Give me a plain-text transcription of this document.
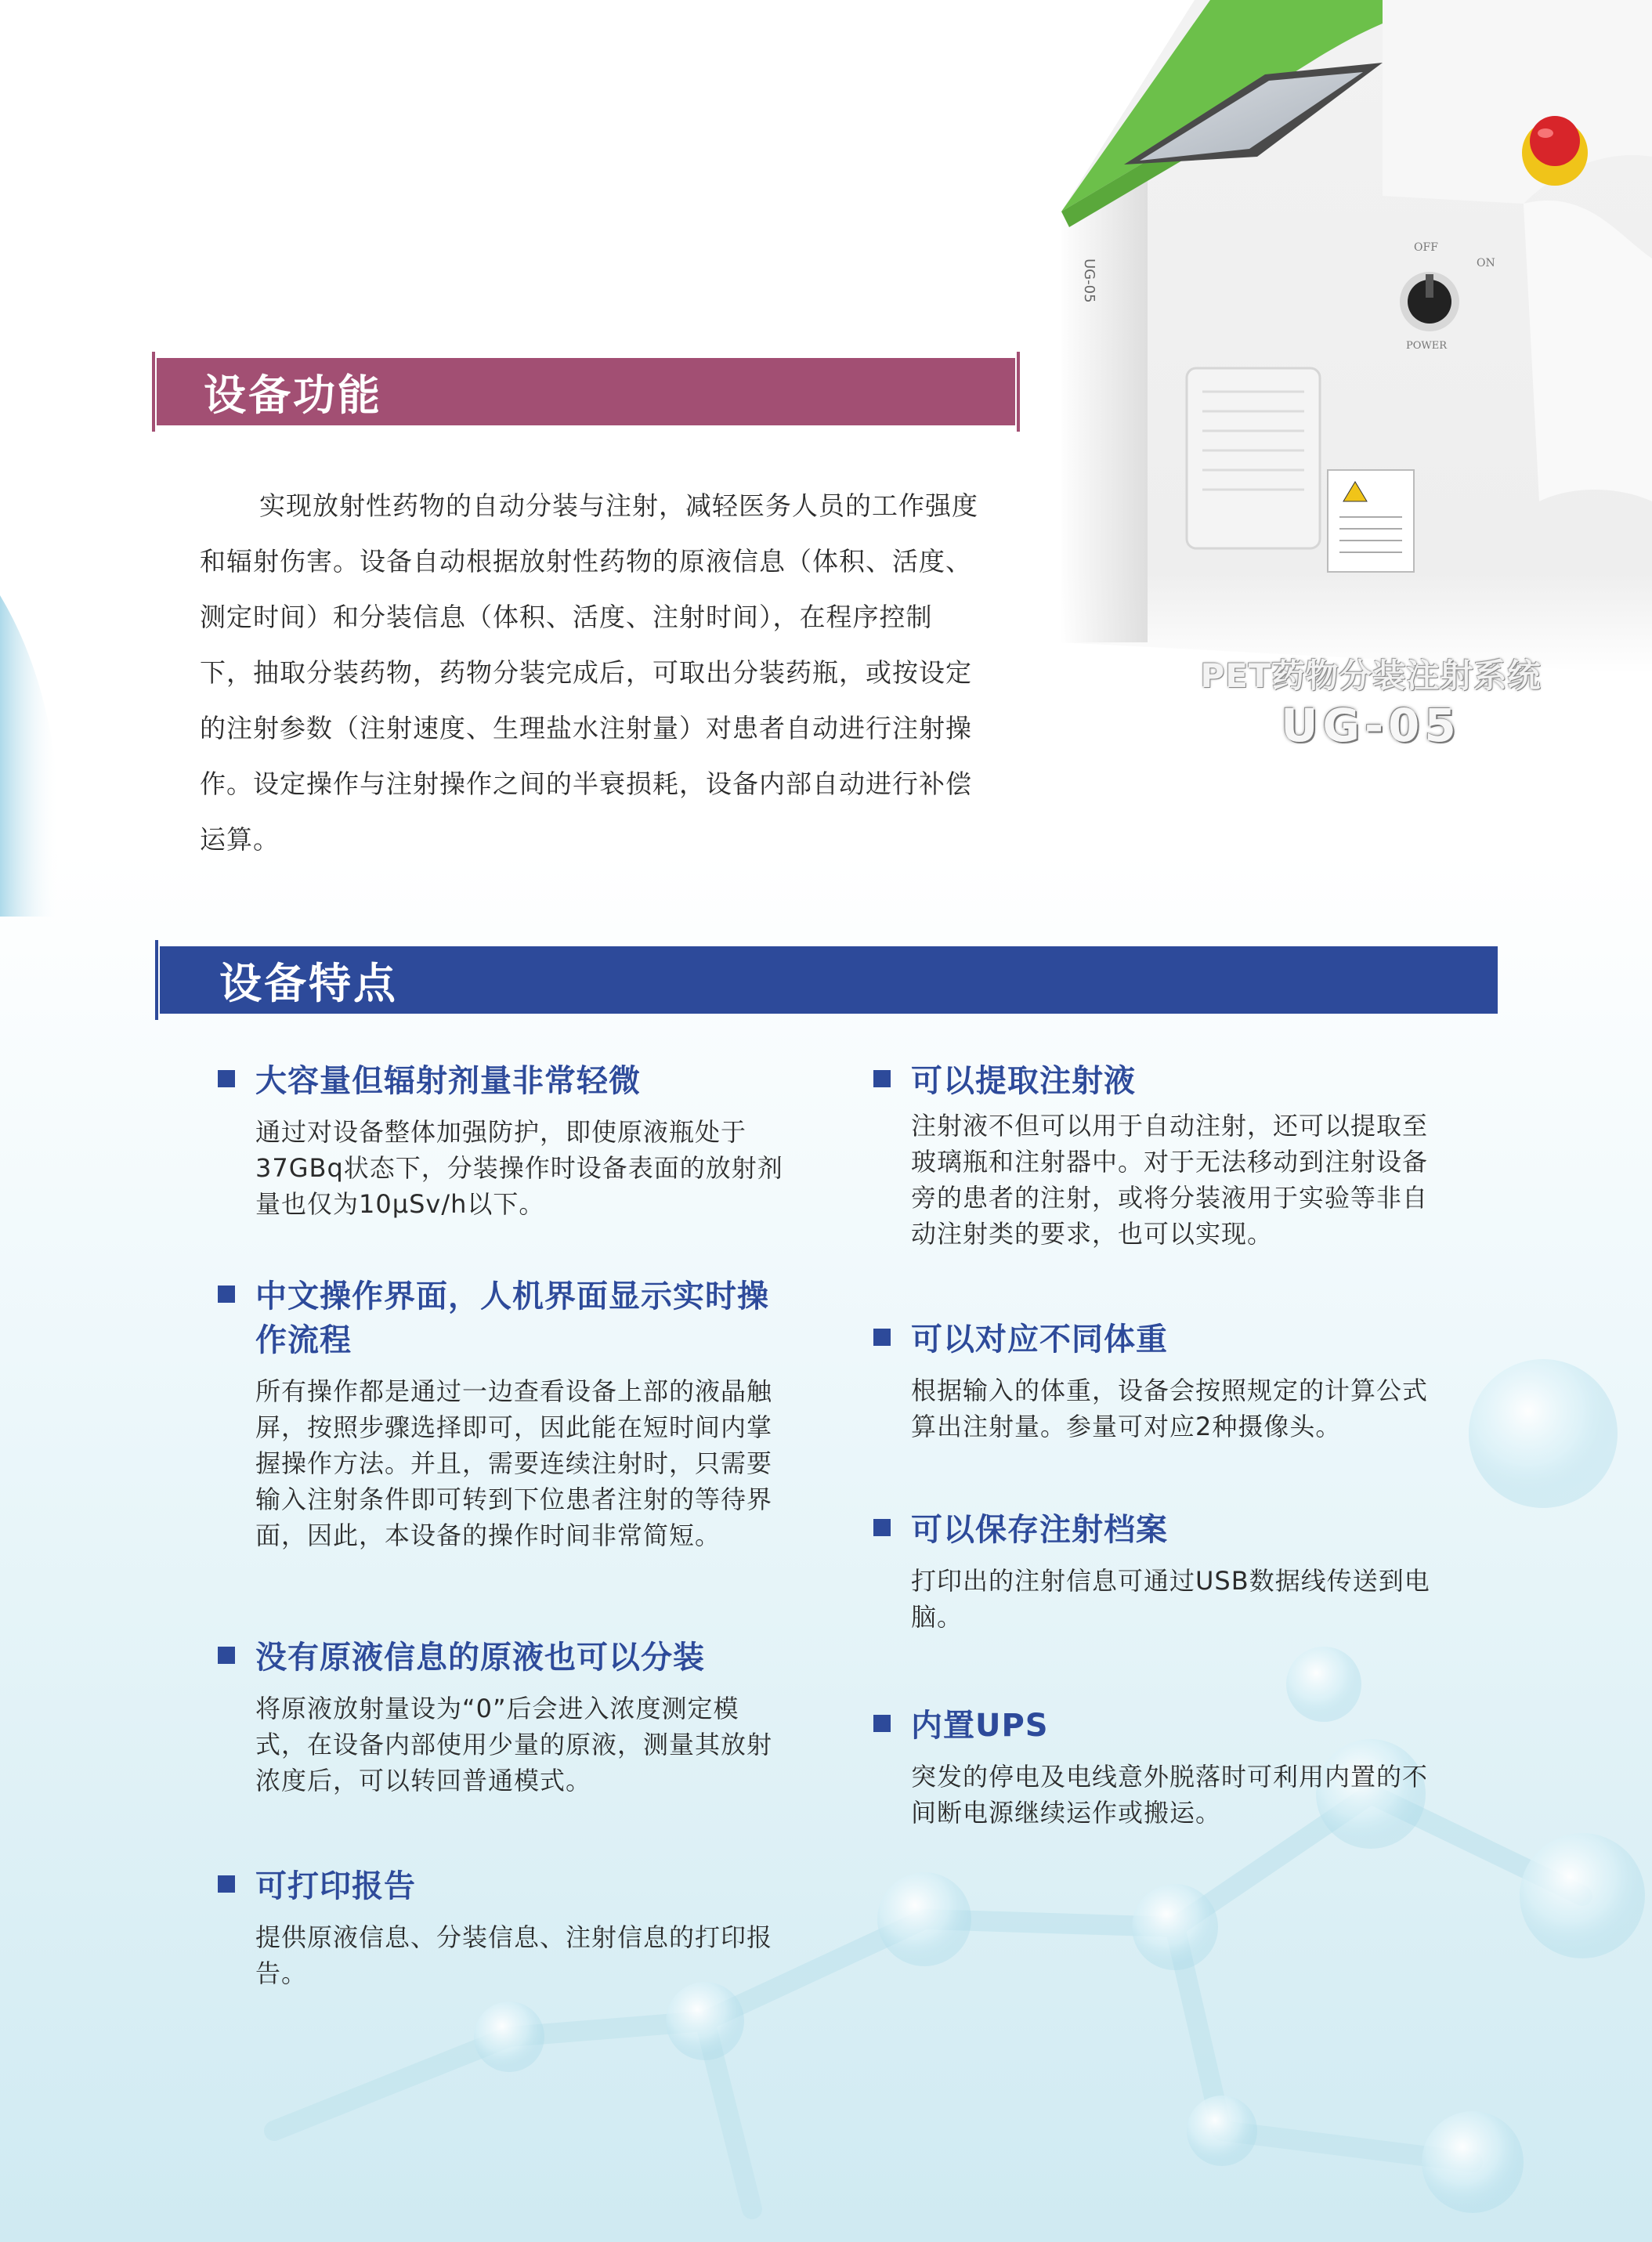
OFF
ON
POWER
UG-05
PET药物分装注射系统
UG-05
设备功能

实现放射性药物的自动分装与注射，减轻医务人员的工作强度和辐射伤害。设备自动根据放射性药物的原液信息（体积、活度、测定时间）和分装信息（体积、活度、注射时间），在程序控制下，抽取分装药物，药物分装完成后，可取出分装药瓶，或按设定的注射参数（注射速度、生理盐水注射量）对患者自动进行注射操作。设定操作与注射操作之间的半衰损耗，设备内部自动进行补偿运算。

设备特点
大容量但辐射剂量非常轻微
通过对设备整体加强防护，即使原液瓶处于37GBq状态下，分装操作时设备表面的放射剂量也仅为10μSv/h以下。
中文操作界面，人机界面显示实时操作流程
所有操作都是通过一边查看设备上部的液晶触屏，按照步骤选择即可，因此能在短时间内掌握操作方法。并且，需要连续注射时，只需要输入注射条件即可转到下位患者注射的等待界面，因此，本设备的操作时间非常简短。
没有原液信息的原液也可以分装
将原液放射量设为“0”后会进入浓度测定模式，在设备内部使用少量的原液，测量其放射浓度后，可以转回普通模式。
可打印报告
提供原液信息、分装信息、注射信息的打印报告。
可以提取注射液
注射液不但可以用于自动注射，还可以提取至玻璃瓶和注射器中。对于无法移动到注射设备旁的患者的注射，或将分装液用于实验等非自动注射类的要求，也可以实现。
可以对应不同体重
根据输入的体重，设备会按照规定的计算公式算出注射量。参量可对应2种摄像头。
可以保存注射档案
打印出的注射信息可通过USB数据线传送到电脑。
内置UPS
突发的停电及电线意外脱落时可利用内置的不间断电源继续运作或搬运。
